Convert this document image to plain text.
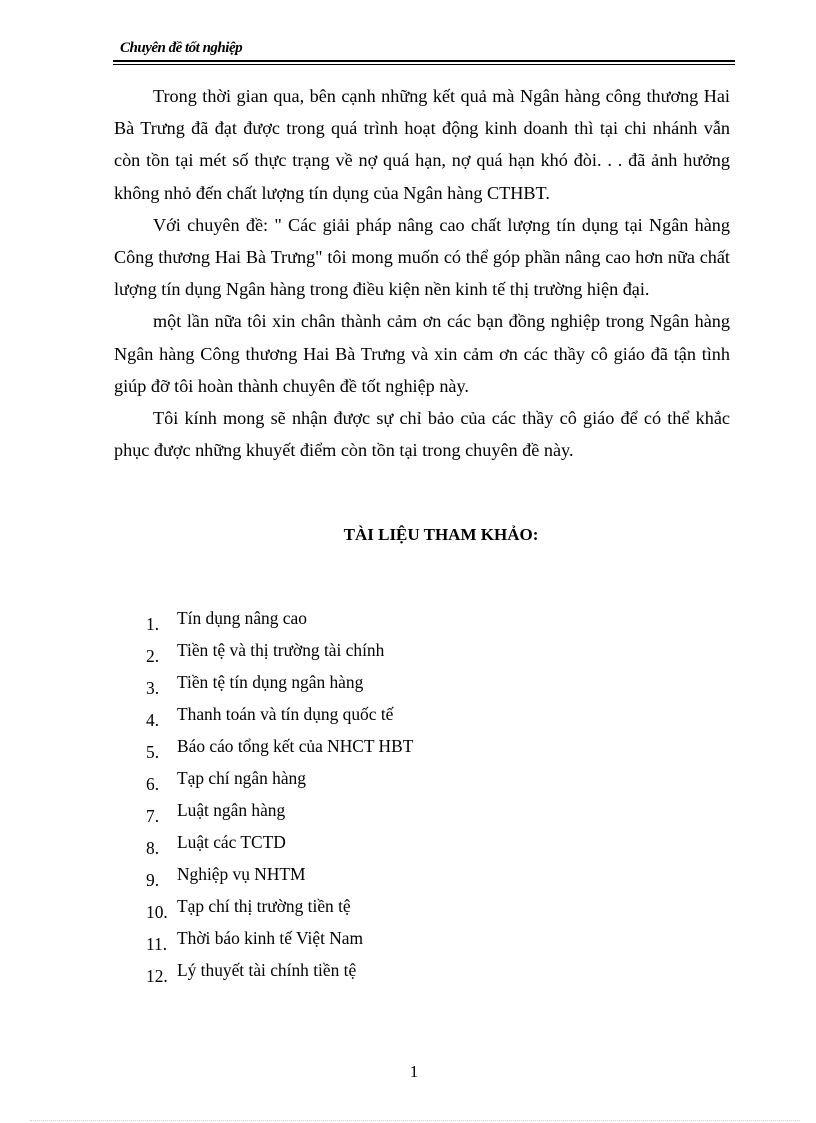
Chuyên đề tốt nghiệp

Trong thời gian qua, bên cạnh những kết quả mà Ngân hàng công thương Hai Bà Trưng đã đạt được trong quá trình hoạt động kinh doanh thì tại chi nhánh vẫn còn tồn tại mét số thực trạng về nợ quá hạn, nợ quá hạn khó đòi. . . đã ảnh hưởng không nhỏ đến chất lượng tín dụng của Ngân hàng CTHBT.

Với chuyên đề: " Các giải pháp nâng cao chất lượng tín dụng tại Ngân hàng Công thương Hai Bà Trưng" tôi mong muốn có thể góp phần nâng cao hơn nữa chất lượng tín dụng Ngân hàng trong điều kiện nền kinh tế thị trường hiện đại.

một lần nữa tôi xin chân thành cảm ơn các bạn đồng nghiệp trong Ngân hàng Ngân hàng Công thương Hai Bà Trưng và xin cảm ơn các thầy cô giáo đã tận tình giúp đỡ tôi hoàn thành chuyên đề tốt nghiệp này.

Tôi kính mong sẽ nhận được sự chỉ bảo của các thầy cô giáo để có thể khắc phục được những khuyết điểm còn tồn tại trong chuyên đề này.

TÀI LIỆU THAM KHẢO:
1.	Tín dụng nâng cao
2.	Tiền tệ và thị trường tài chính
3.	Tiền tệ tín dụng ngân hàng
4.	Thanh toán và tín dụng quốc tế
5.	Báo cáo tổng kết của NHCT HBT
6.	Tạp chí ngân hàng
7.	Luật ngân hàng
8.	Luật các TCTD
9.	Nghiệp vụ NHTM
10. Tạp chí thị trường tiền tệ
11. Thời báo kinh tế Việt Nam
12. Lý thuyết tài chính tiền tệ
1
